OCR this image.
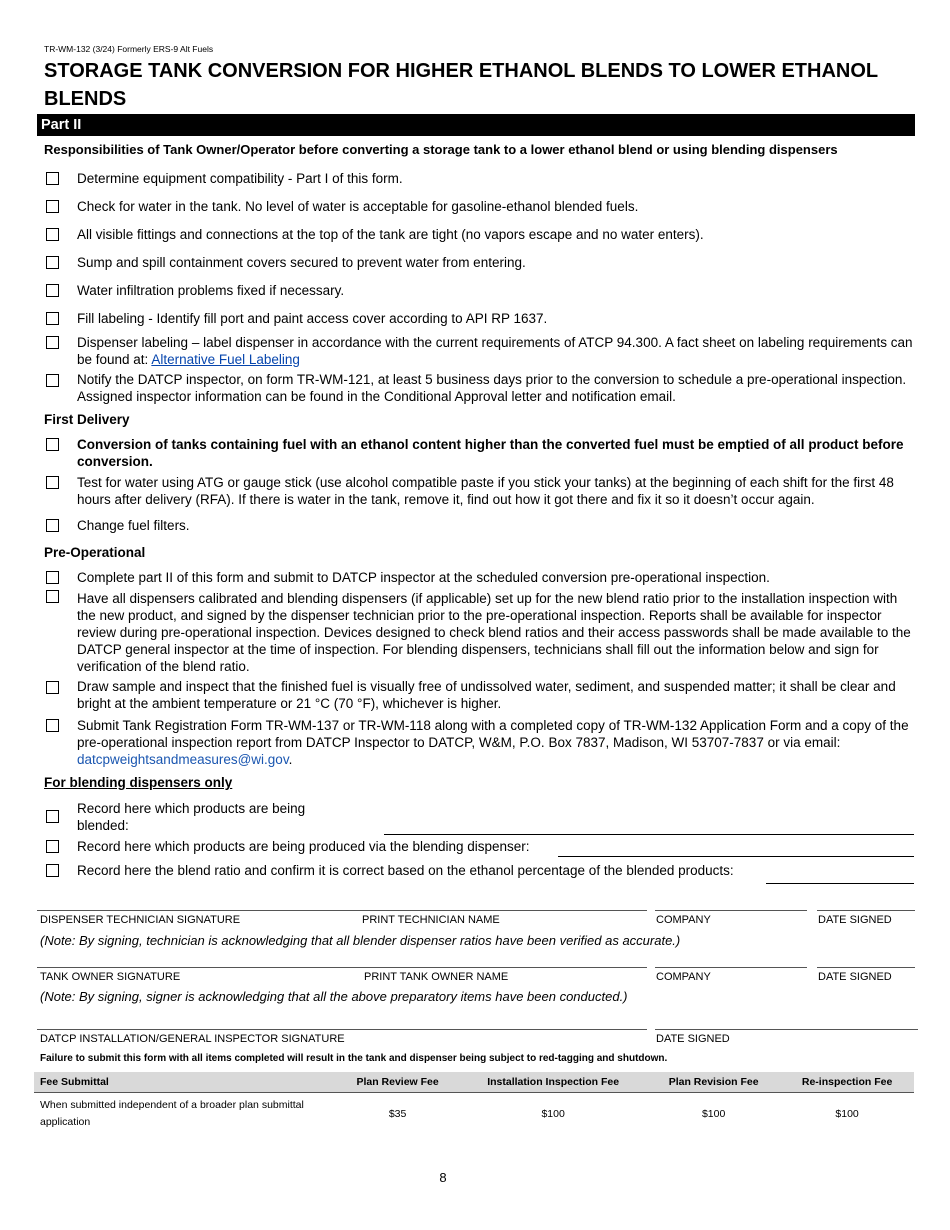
TR-WM-132 (3/24) Formerly ERS-9 Alt Fuels
STORAGE TANK CONVERSION FOR HIGHER ETHANOL BLENDS TO LOWER ETHANOL BLENDS
Part II
Responsibilities of Tank Owner/Operator before converting a storage tank to a lower ethanol blend or using blending dispensers
Determine equipment compatibility - Part I of this form.
Check for water in the tank. No level of water is acceptable for gasoline-ethanol blended fuels.
All visible fittings and connections at the top of the tank are tight (no vapors escape and no water enters).
Sump and spill containment covers secured to prevent water from entering.
Water infiltration problems fixed if necessary.
Fill labeling - Identify fill port and paint access cover according to API RP 1637.
Dispenser labeling – label dispenser in accordance with the current requirements of ATCP 94.300. A fact sheet on labeling requirements can be found at: Alternative Fuel Labeling
Notify the DATCP inspector, on form TR-WM-121, at least 5 business days prior to the conversion to schedule a pre-operational inspection. Assigned inspector information can be found in the Conditional Approval letter and notification email.
First Delivery
Conversion of tanks containing fuel with an ethanol content higher than the converted fuel must be emptied of all product before conversion.
Test for water using ATG or gauge stick (use alcohol compatible paste if you stick your tanks) at the beginning of each shift for the first 48 hours after delivery (RFA). If there is water in the tank, remove it, find out how it got there and fix it so it doesn’t occur again.
Change fuel filters.
Pre-Operational
Complete part II of this form and submit to DATCP inspector at the scheduled conversion pre-operational inspection.
Have all dispensers calibrated and blending dispensers (if applicable) set up for the new blend ratio prior to the installation inspection with the new product, and signed by the dispenser technician prior to the pre-operational inspection. Reports shall be available for inspector review during pre-operational inspection. Devices designed to check blend ratios and their access passwords shall be made available to the DATCP general inspector at the time of inspection. For blending dispensers, technicians shall fill out the information below and sign for verification of the blend ratio.
Draw sample and inspect that the finished fuel is visually free of undissolved water, sediment, and suspended matter; it shall be clear and bright at the ambient temperature or 21 °C (70 °F), whichever is higher.
Submit Tank Registration Form TR-WM-137 or TR-WM-118 along with a completed copy of TR-WM-132 Application Form and a copy of the pre-operational inspection report from DATCP Inspector to DATCP, W&M, P.O. Box 7837, Madison, WI 53707-7837 or via email: datcpweightsandmeasures@wi.gov.
For blending dispensers only
Record here which products are being blended:
Record here which products are being produced via the blending dispenser:
Record here the blend ratio and confirm it is correct based on the ethanol percentage of the blended products:
DISPENSER TECHNICIAN SIGNATURE	PRINT TECHNICIAN NAME	COMPANY	DATE SIGNED
(Note: By signing, technician is acknowledging that all blender dispenser ratios have been verified as accurate.)
TANK OWNER SIGNATURE	PRINT TANK OWNER NAME	COMPANY	DATE SIGNED
(Note: By signing, signer is acknowledging that all the above preparatory items have been conducted.)
DATCP INSTALLATION/GENERAL INSPECTOR SIGNATURE	DATE SIGNED
Failure to submit this form with all items completed will result in the tank and dispenser being subject to red-tagging and shutdown.
Fee Submittal	Plan Review Fee	Installation Inspection Fee	Plan Revision Fee	Re-inspection Fee
When submitted independent of a broader plan submittal application	$35	$100	$100	$100
8
